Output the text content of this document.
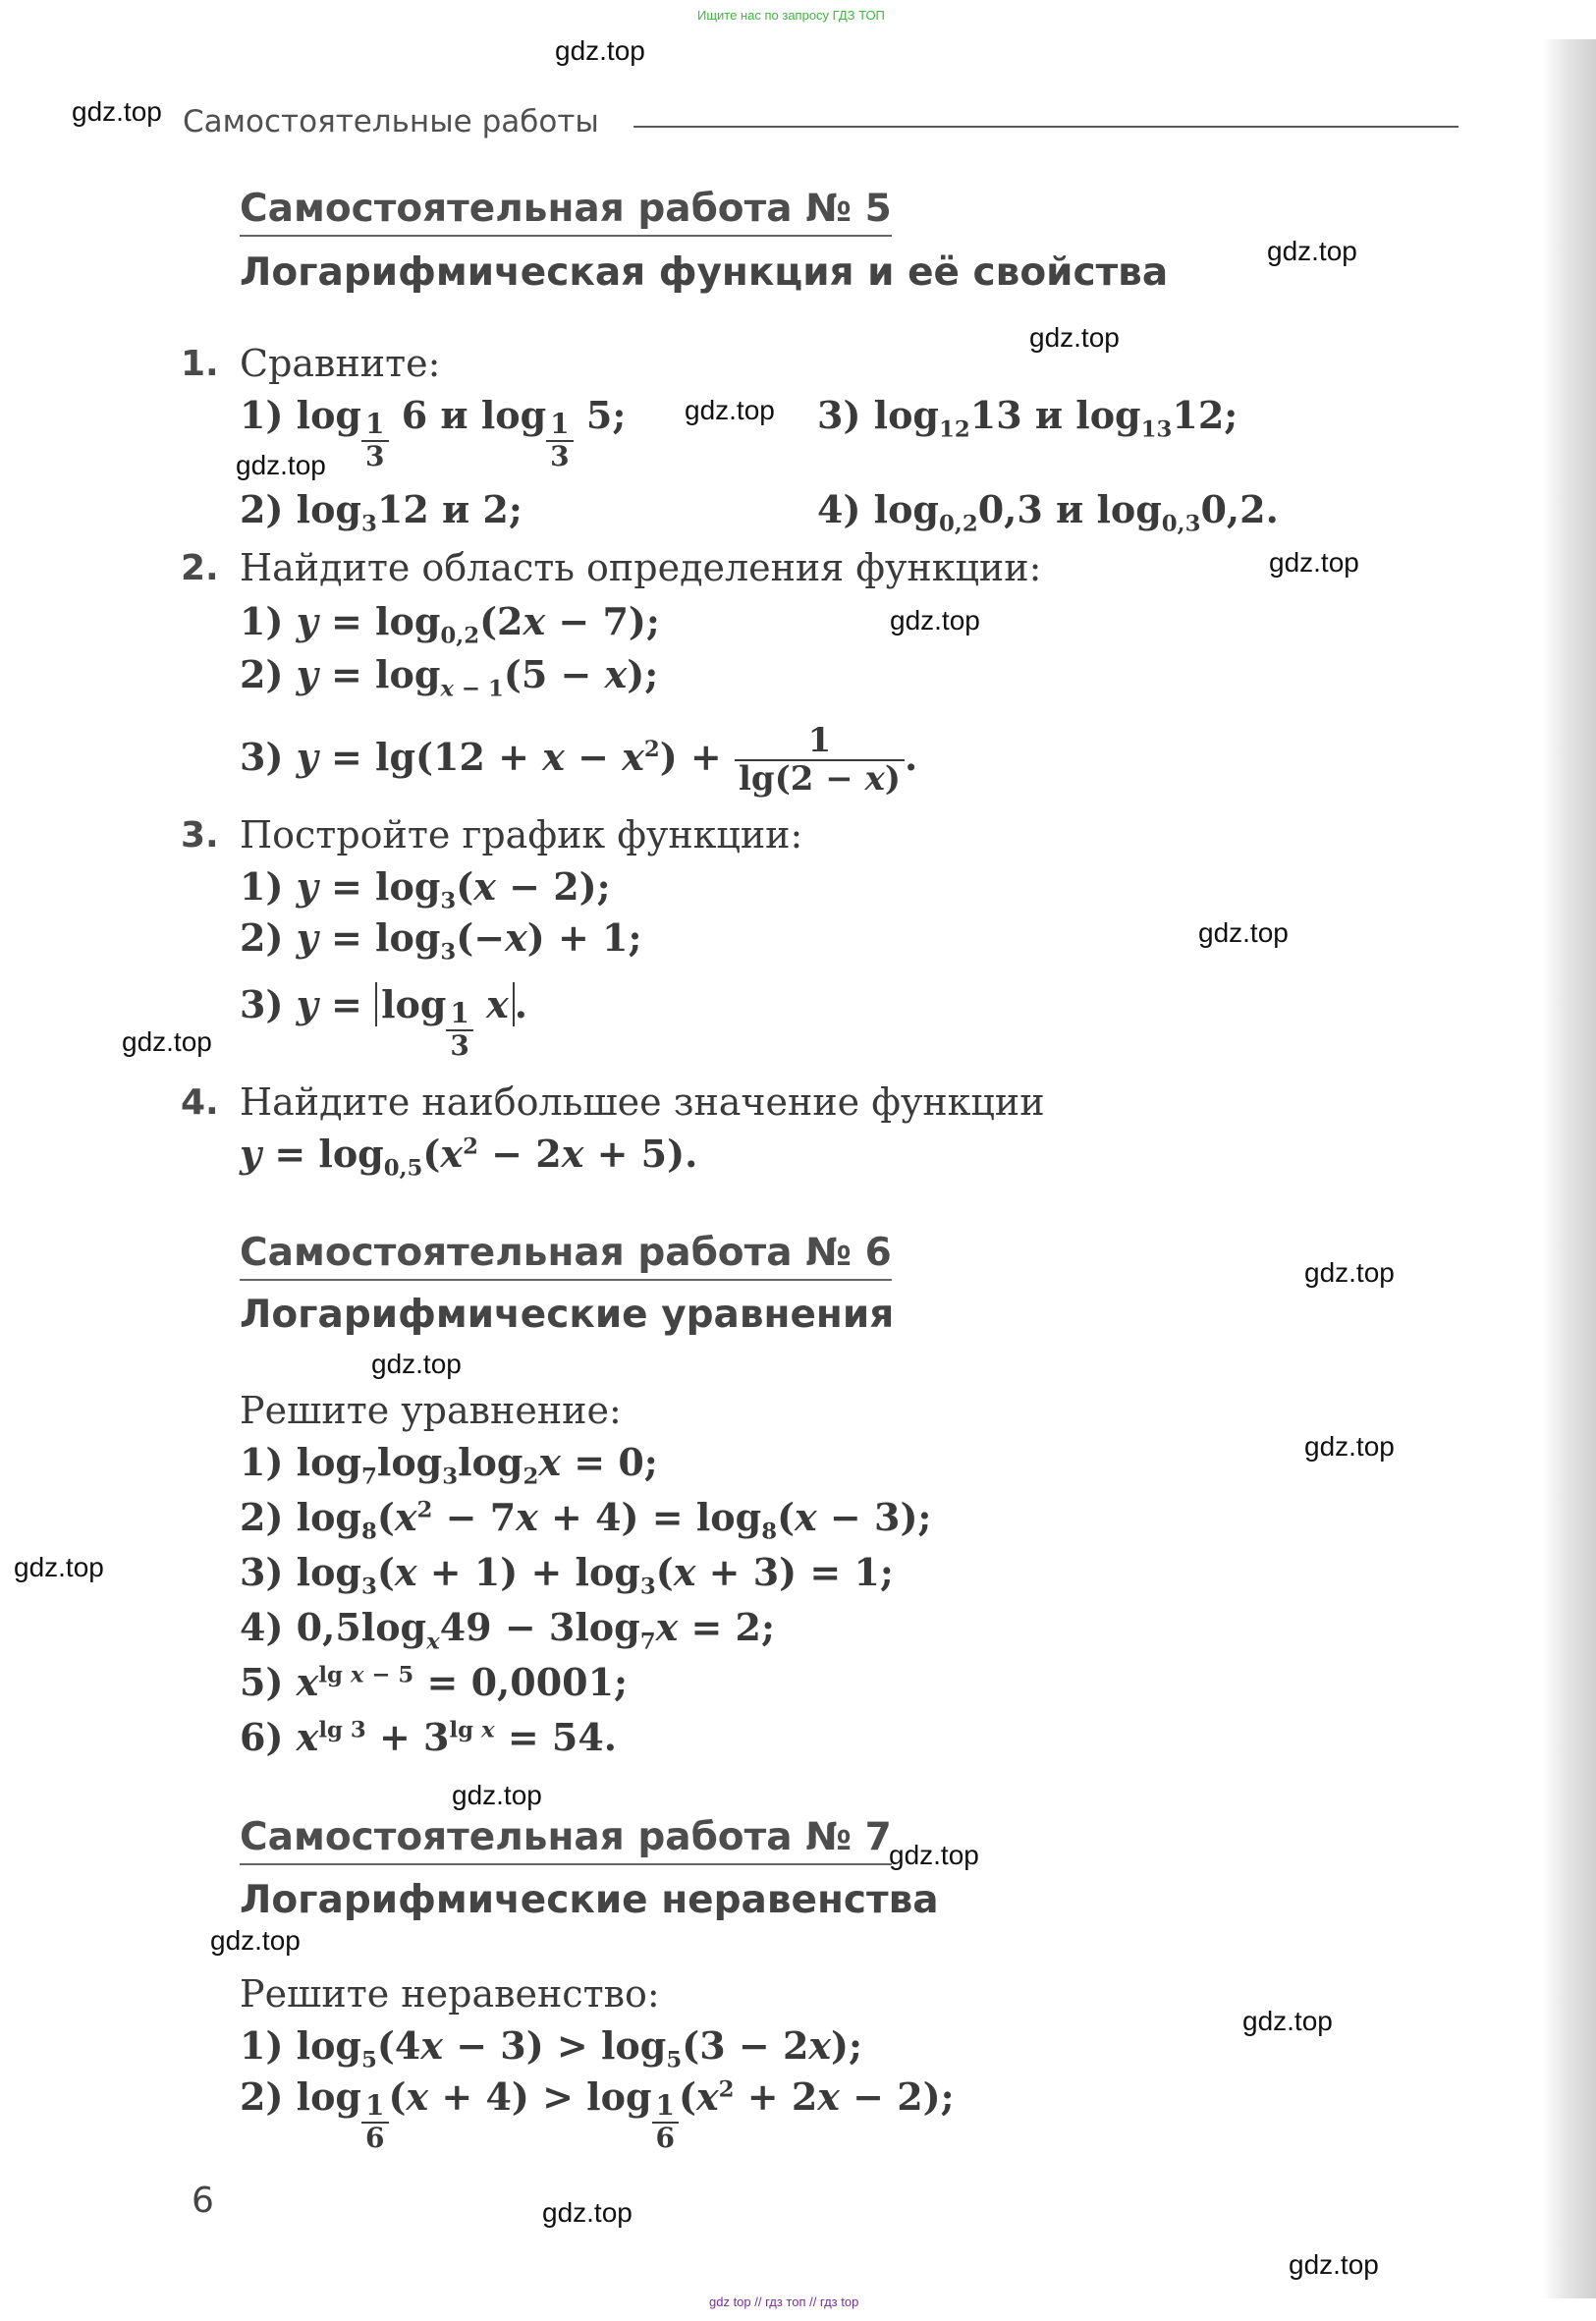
Ищите нас по запросу ГДЗ ТОП
gdz.top
gdz.top
gdz.top
gdz.top
gdz.top
gdz.top
gdz.top
gdz.top
gdz.top
gdz.top
gdz.top
gdz.top
gdz.top
gdz.top
gdz.top
gdz.top
gdz.top
gdz.top
gdz.top
gdz.top
Самостоятельные работы
Самостоятельная работа № 5
Логарифмическая функция и её свойства
1. Сравните:
1) $\log \frac{1}{3} 6$ и $\log \frac{1}{3} 5$;	3) $\log_{12}13$ и $\log_{13}12$;
2) $\log_312$ и 2;	4) $\log_{0,2}0,3$ и $\log_{0,3}0,2$.
2. Найдите область определения функции:
1) $y = \log_{0,2}(2x - 7)$;
2) $y = \log_{x - 1}(5 - x)$;
3) $y = \lg(12 + x - x^2) + \frac{1}{\lg(2 - x)}$ .
3. Постройте график функции:
1) $y = \log_3(x - 2)$;
2) $y = \log_3(-x) + 1$;
3) $y = \log \frac{1}{3}$ x .
4. Найдите наибольшее значение функции
$y = \log_{0,5}(x^2 - 2x + 5)$.
Самостоятельная работа № 6
Логарифмические уравнения
Решите уравнение:
1) $\log_7\log_3\log_2x = 0$;
2) $\log_8(x^2 - 7x + 4) = \log_8(x - 3)$;
3) $\log_3(x + 1) + \log_3(x + 3) = 1$;
4) $0,5\log_x49 - 3\log_7x = 2$;
5) $x^{lg x - 5} = 0,0001$;
6) $x^{lg 3} + 3^{lg x} = 54$.
Самостоятельная работа № 7
Логарифмические неравенства
Решите неравенство:
1) $\log_5(4x - 3) > \log_5(3 - 2x)$;
2) $\log \frac{1}{6} (x + 4) > \log \frac{1}{6} (x^2 + 2x - 2)$;
6
gdz top // гдз топ // гдз top
